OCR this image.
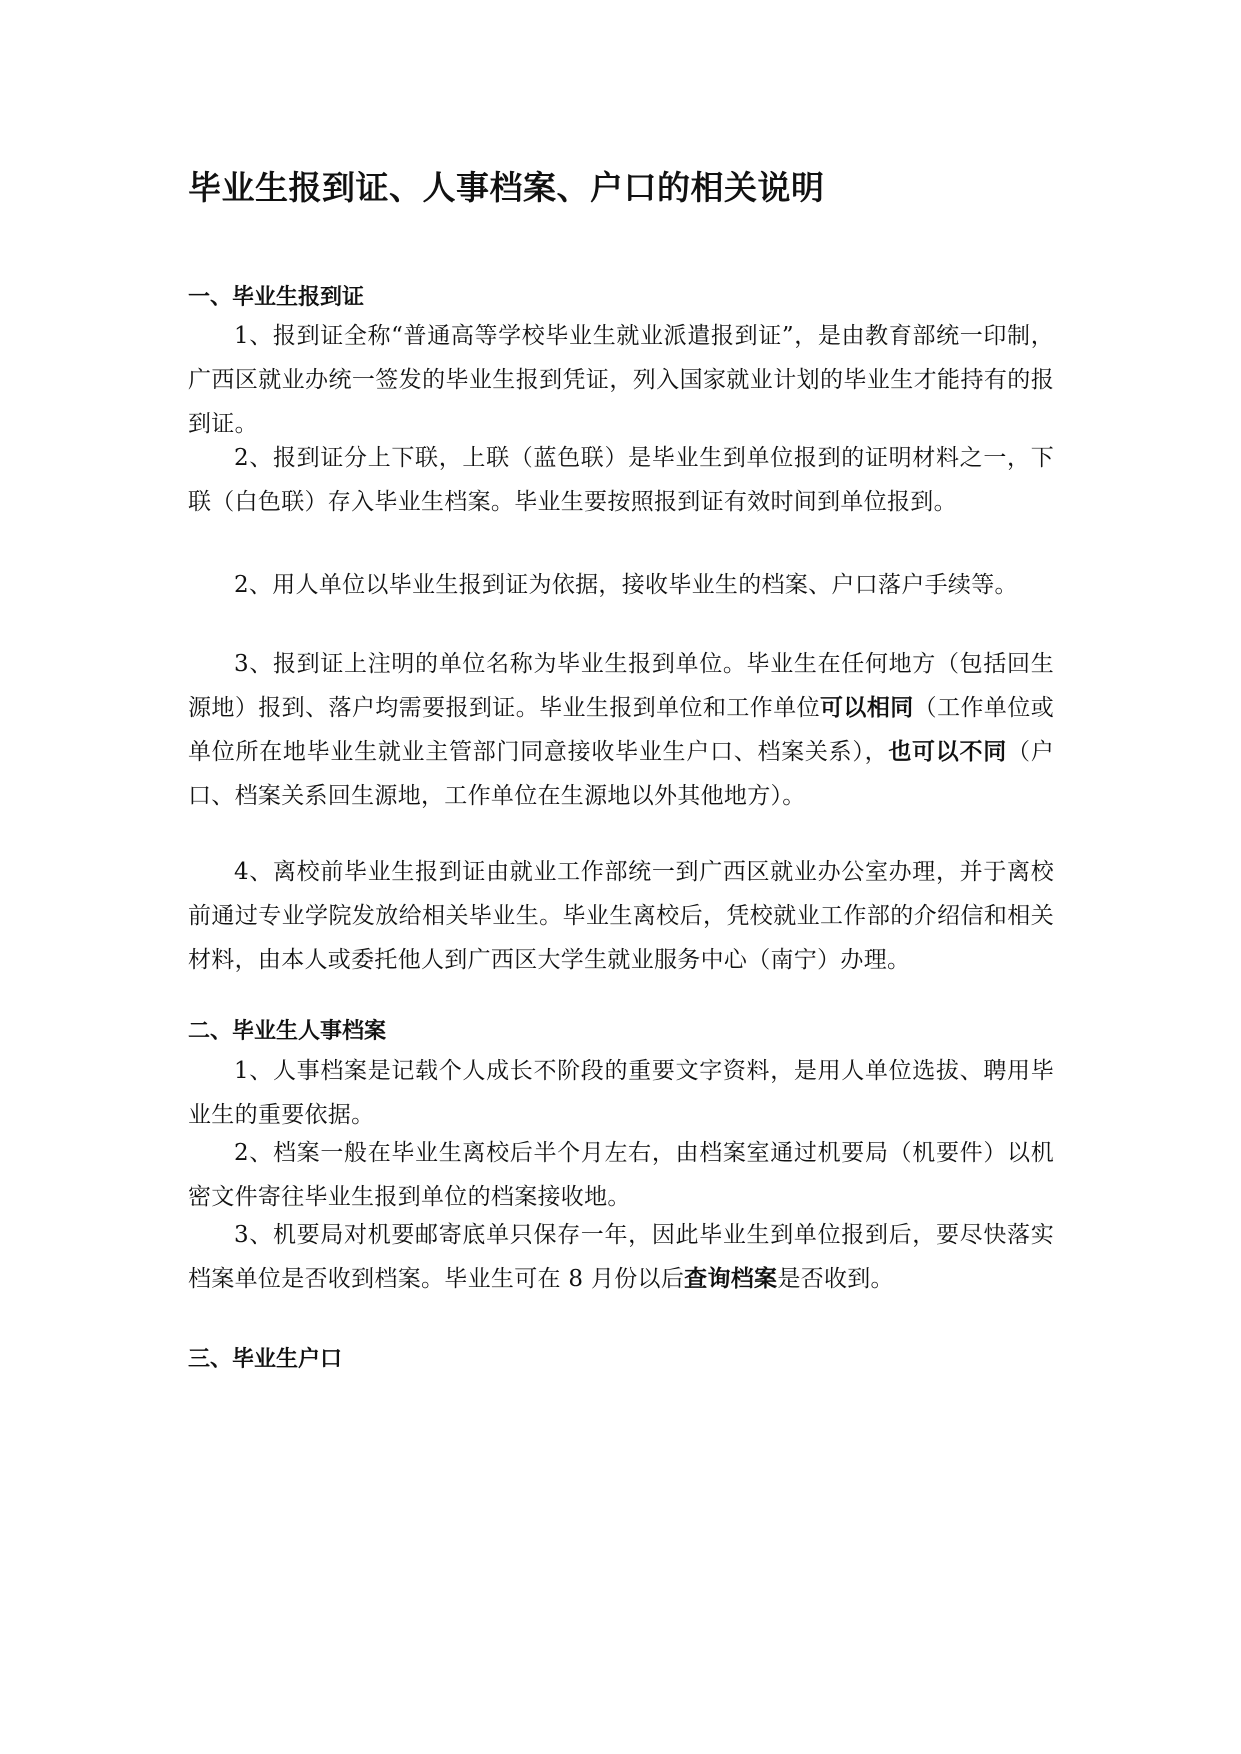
毕业生报到证、人事档案、户口的相关说明
一、毕业生报到证
1、报到证全称“普通高等学校毕业生就业派遣报到证”，是由教育部统一印制，广西区就业办统一签发的毕业生报到凭证，列入国家就业计划的毕业生才能持有的报到证。
2、报到证分上下联，上联（蓝色联）是毕业生到单位报到的证明材料之一，下联（白色联）存入毕业生档案。毕业生要按照报到证有效时间到单位报到。
2、用人单位以毕业生报到证为依据，接收毕业生的档案、户口落户手续等。
3、报到证上注明的单位名称为毕业生报到单位。毕业生在任何地方（包括回生源地）报到、落户均需要报到证。毕业生报到单位和工作单位可以相同（工作单位或单位所在地毕业生就业主管部门同意接收毕业生户口、档案关系），也可以不同（户口、档案关系回生源地，工作单位在生源地以外其他地方）。
4、离校前毕业生报到证由就业工作部统一到广西区就业办公室办理，并于离校前通过专业学院发放给相关毕业生。毕业生离校后，凭校就业工作部的介绍信和相关材料，由本人或委托他人到广西区大学生就业服务中心（南宁）办理。
二、毕业生人事档案
1、人事档案是记载个人成长不阶段的重要文字资料，是用人单位选拔、聘用毕业生的重要依据。
2、档案一般在毕业生离校后半个月左右，由档案室通过机要局（机要件）以机密文件寄往毕业生报到单位的档案接收地。
3、机要局对机要邮寄底单只保存一年，因此毕业生到单位报到后，要尽快落实档案单位是否收到档案。毕业生可在 8 月份以后查询档案是否收到。
三、毕业生户口
